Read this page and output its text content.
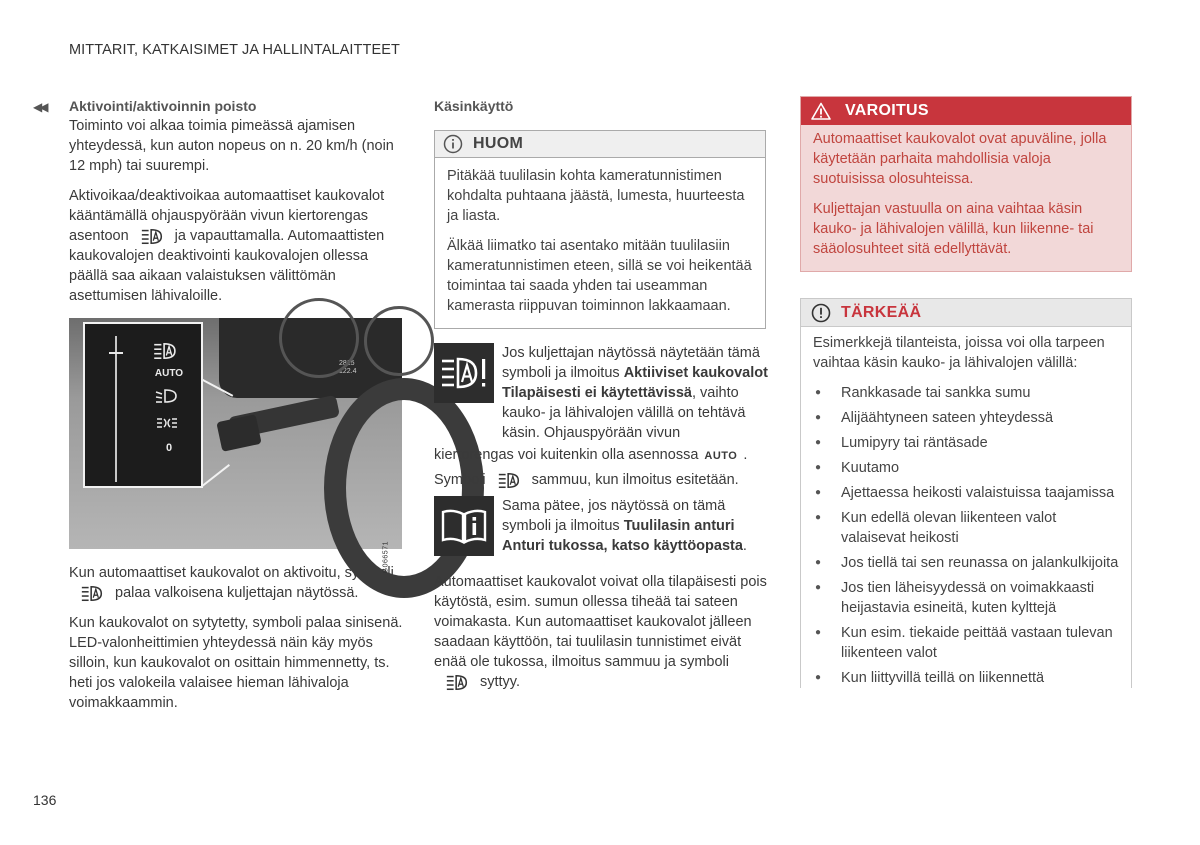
MITTARIT, KATKAISIMET JA HALLINTALAITTEET
◀◀ Aktivointi/aktivoinnin poisto

Toiminto voi alkaa toimia pimeässä ajamisen yhteydessä, kun auton nopeus on n. 20 km/h (noin 12 mph) tai suurempi.

Aktivoikaa/deaktivoikaa automaattiset kaukovalot kääntämällä ohjauspyörään vivun kiertorengas
asentoon	ja vapauttamalla. Automaattisten kaukovalojen deaktivointi kaukovalojen ollessa päällä saa aikaan valaistuksen välittömän asettumisen lähivaloille.

2815
122.4
AUTO
0
G066571

Kun automaattiset kaukovalot on aktivoitu, symbolipalaa valkoisena kuljettajan näytössä.

Kun kaukovalot on sytytetty, symboli palaa sinisenä. LED-valonheittimien yhteydessä näin käy myös silloin, kun kaukovalot on osittain himmennetty, ts. heti jos valokeila valaisee hieman lähivaloja voimakkaammin.

Käsinkäyttö
HUOM

Pitäkää tuulilasin kohta kameratunnistimen kohdalta puhtaana jäästä, lumesta, huurteesta ja liasta.

Älkää liimatko tai asentako mitään tuulilasiin kameratunnistimen eteen, sillä se voi heikentää toimintaa tai saada yhden tai useamman kamerasta riippuvan toiminnon lakkaamaan.

Jos kuljettajan näytössä näytetään tämä symboli ja ilmoitus Aktiiviset kaukovalot Tilapäisesti ei käytettävissä, vaihto kauko- ja lähivalojen välillä on tehtävä käsin. Ohjauspyörään vivun

kiertorengas voi kuitenkin olla asennossa AUTO .

Symboli	sammuu, kun ilmoitus esitetään.

Sama pätee, jos näytössä on tämä symboli ja ilmoitus Tuulilasin anturi Anturi tukossa, katso käyttöopasta.

Automaattiset kaukovalot voivat olla tilapäisesti pois käytöstä, esim. sumun ollessa tiheää tai sateen voimakasta. Kun automaattiset kaukovalot jälleen saadaan käyttöön, tai tuulilasin tunnistimet eivät enää ole tukossa, ilmoitus sammuu ja symbolisyttyy.

VAROITUS

Automaattiset kaukovalot ovat apuväline, jolla käytetään parhaita mahdollisia valoja suotuisissa olosuhteissa.

Kuljettajan vastuulla on aina vaihtaa käsin kauko- ja lähivalojen välillä, kun liikenne- tai sääolosuhteet sitä edellyttävät.

TÄRKEÄÄ

Esimerkkejä tilanteista, joissa voi olla tarpeen vaihtaa käsin kauko- ja lähivalojen välillä:

● Rankkasade tai sankka sumu
● Alijäähtyneen sateen yhteydessä
● Lumipyry tai räntäsade
● Kuutamo
● Ajettaessa heikosti valaistuissa taajamissa
● Kun edellä olevan liikenteen valot valaisevat heikosti
● Jos tiellä tai sen reunassa on jalankulkijoita
● Jos tien läheisyydessä on voimakkaasti heijastavia esineitä, kuten kylttejä
● Kun esim. tiekaide peittää vastaan tulevan liikenteen valot
● Kun liittyvillä teillä on liikennettä
136
